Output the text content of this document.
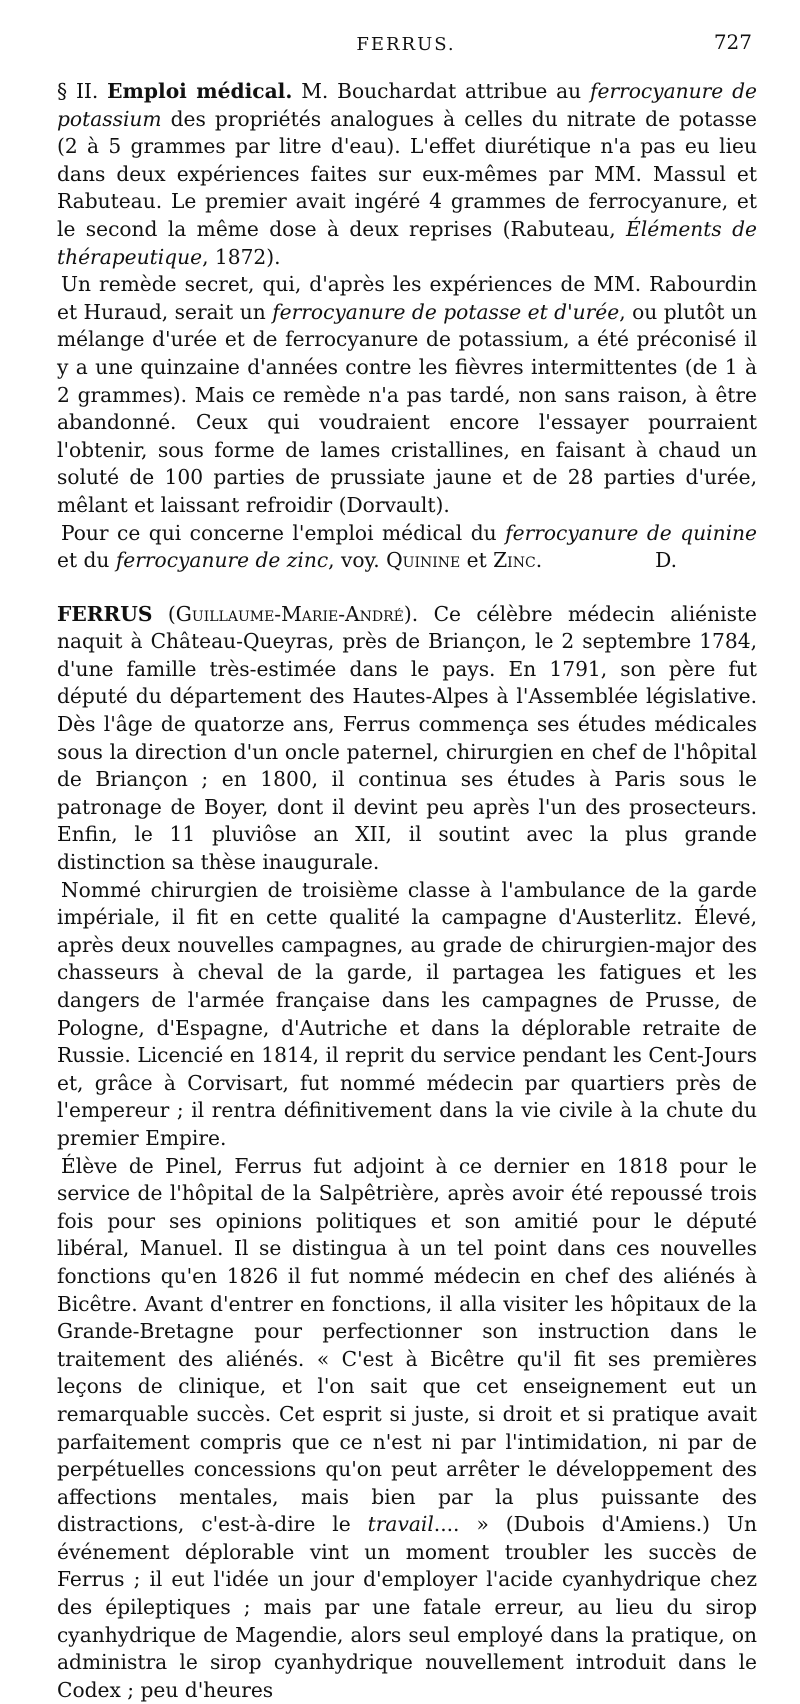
FERRUS.	727

§ II. Emploi médical. M. Bouchardat attribue au ferrocyanure de potassium des propriétés analogues à celles du nitrate de potasse (2 à 5 grammes par litre d'eau). L'effet diurétique n'a pas eu lieu dans deux expériences faites sur eux-mêmes par MM. Massul et Rabuteau. Le premier avait ingéré 4 grammes de ferrocyanure, et le second la même dose à deux reprises (Rabuteau, Éléments de thérapeutique, 1872).

Un remède secret, qui, d'après les expériences de MM. Rabourdin et Huraud, serait un ferrocyanure de potasse et d'urée, ou plutôt un mélange d'urée et de ferrocyanure de potassium, a été préconisé il y a une quinzaine d'années contre les fièvres intermittentes (de 1 à 2 grammes). Mais ce remède n'a pas tardé, non sans raison, à être abandonné. Ceux qui voudraient encore l'essayer pourraient l'obtenir, sous forme de lames cristallines, en faisant à chaud un soluté de 100 parties de prussiate jaune et de 28 parties d'urée, mêlant et laissant refroidir (Dorvault).

Pour ce qui concerne l'emploi médical du ferrocyanure de quinine et du ferrocyanure de zinc, voy. Quinine et Zinc.	D.

FERRUS (Guillaume-Marie-André). Ce célèbre médecin aliéniste naquit à Château-Queyras, près de Briançon, le 2 septembre 1784, d'une famille très-estimée dans le pays. En 1791, son père fut député du département des Hautes-Alpes à l'Assemblée législative. Dès l'âge de quatorze ans, Ferrus commença ses études médicales sous la direction d'un oncle paternel, chirurgien en chef de l'hôpital de Briançon ; en 1800, il continua ses études à Paris sous le patronage de Boyer, dont il devint peu après l'un des prosecteurs. Enfin, le 11 pluviôse an XII, il soutint avec la plus grande distinction sa thèse inaugurale.

Nommé chirurgien de troisième classe à l'ambulance de la garde impériale, il fit en cette qualité la campagne d'Austerlitz. Élevé, après deux nouvelles campagnes, au grade de chirurgien-major des chasseurs à cheval de la garde, il partagea les fatigues et les dangers de l'armée française dans les campagnes de Prusse, de Pologne, d'Espagne, d'Autriche et dans la déplorable retraite de Russie. Licencié en 1814, il reprit du service pendant les Cent-Jours et, grâce à Corvisart, fut nommé médecin par quartiers près de l'empereur ; il rentra définitivement dans la vie civile à la chute du premier Empire.

Élève de Pinel, Ferrus fut adjoint à ce dernier en 1818 pour le service de l'hôpital de la Salpêtrière, après avoir été repoussé trois fois pour ses opinions politiques et son amitié pour le député libéral, Manuel. Il se distingua à un tel point dans ces nouvelles fonctions qu'en 1826 il fut nommé médecin en chef des aliénés à Bicêtre. Avant d'entrer en fonctions, il alla visiter les hôpitaux de la Grande-Bretagne pour perfectionner son instruction dans le traitement des aliénés. « C'est à Bicêtre qu'il fit ses premières leçons de clinique, et l'on sait que cet enseignement eut un remarquable succès. Cet esprit si juste, si droit et si pratique avait parfaitement compris que ce n'est ni par l'intimidation, ni par de perpétuelles concessions qu'on peut arrêter le développement des affections mentales, mais bien par la plus puissante des distractions, c'est-à-dire le travail.... » (Dubois d'Amiens.) Un événement déplorable vint un moment troubler les succès de Ferrus ; il eut l'idée un jour d'employer l'acide cyanhydrique chez des épileptiques ; mais par une fatale erreur, au lieu du sirop cyanhydrique de Magendie, alors seul employé dans la pratique, on administra le sirop cyanhydrique nouvellement introduit dans le Codex ; peu d'heures
